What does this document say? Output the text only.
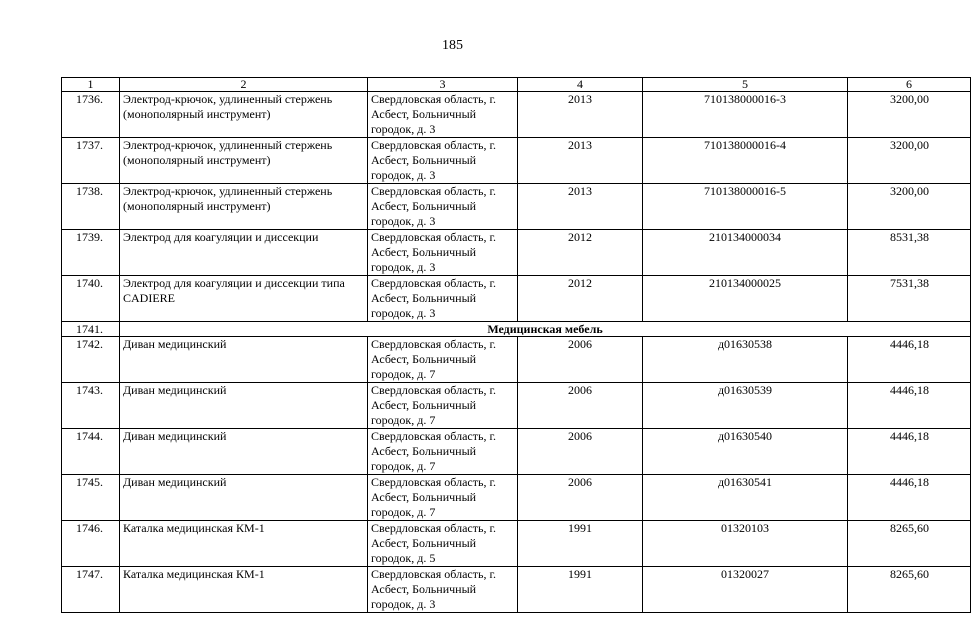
185
1	2	3	4	5	6
1736.	Электрод-крючок, удлиненный стержень (монополярный инструмент)	Свердловская область, г. Асбест, Больничный городок, д. 3	2013	710138000016-3	3200,00
1737.	Электрод-крючок, удлиненный стержень (монополярный инструмент)	Свердловская область, г. Асбест, Больничный городок, д. 3	2013	710138000016-4	3200,00
1738.	Электрод-крючок, удлиненный стержень (монополярный инструмент)	Свердловская область, г. Асбест, Больничный городок, д. 3	2013	710138000016-5	3200,00
1739.	Электрод для коагуляции и диссекции	Свердловская область, г. Асбест, Больничный городок, д. 3	2012	210134000034	8531,38
1740.	Электрод для коагуляции и диссекции типа CADIERE	Свердловская область, г. Асбест, Больничный городок, д. 3	2012	210134000025	7531,38
1741.	Медицинская мебель				
1742.	Диван медицинский	Свердловская область, г. Асбест, Больничный городок, д. 7	2006	д01630538	4446,18
1743.	Диван медицинский	Свердловская область, г. Асбест, Больничный городок, д. 7	2006	д01630539	4446,18
1744.	Диван медицинский	Свердловская область, г. Асбест, Больничный городок, д. 7	2006	д01630540	4446,18
1745.	Диван медицинский	Свердловская область, г. Асбест, Больничный городок, д. 7	2006	д01630541	4446,18
1746.	Каталка медицинская КМ-1	Свердловская область, г. Асбест, Больничный городок, д. 5	1991	01320103	8265,60
1747.	Каталка медицинская КМ-1	Свердловская область, г. Асбест, Больничный городок, д. 3	1991	01320027	8265,60
